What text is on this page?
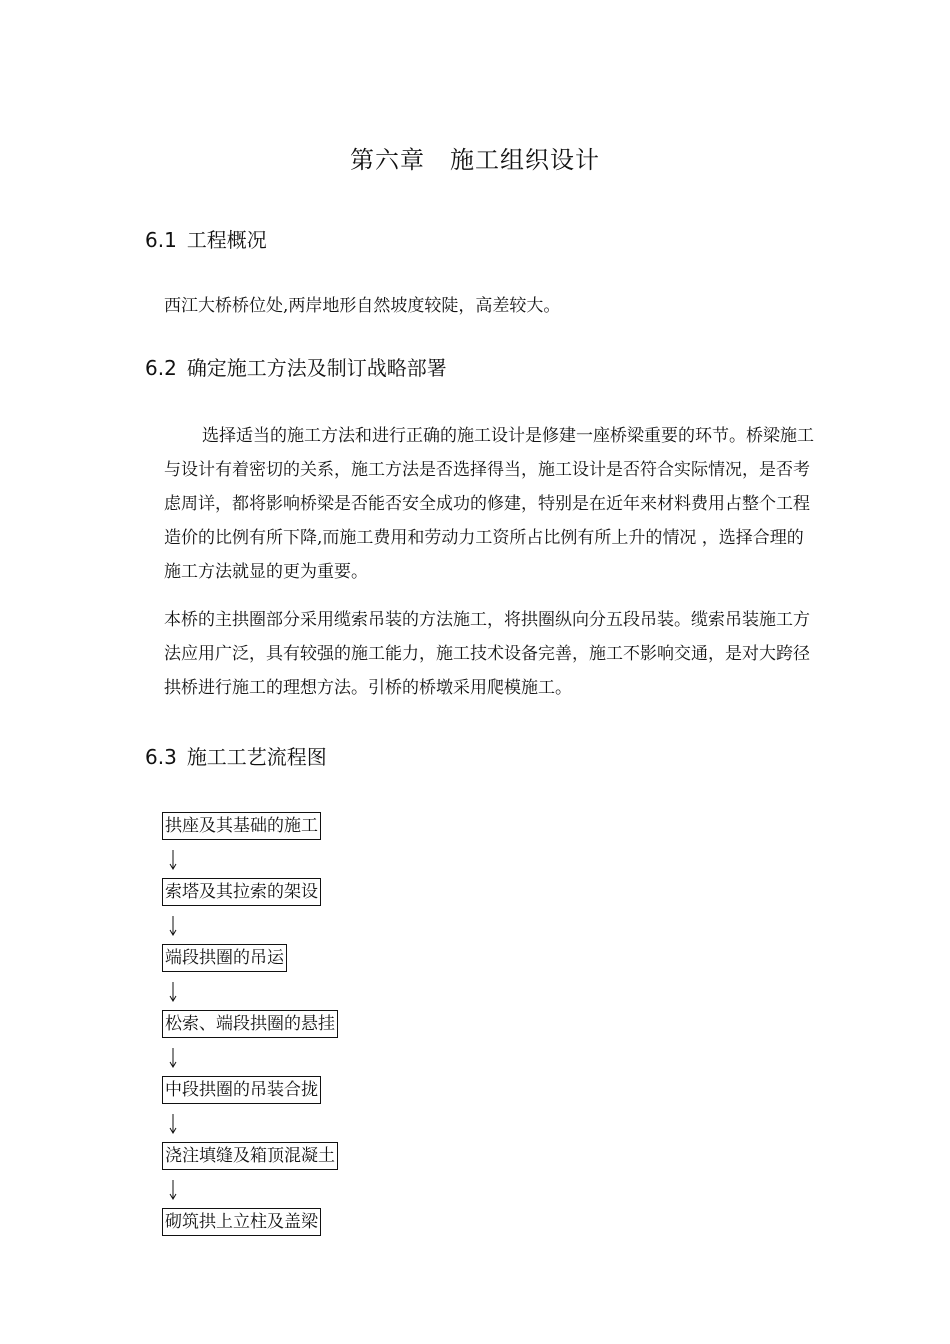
第六章　施工组织设计
6.1 工程概况

西江大桥桥位处,两岸地形自然坡度较陡，高差较大。

6.2 确定施工方法及制订战略部署

选择适当的施工方法和进行正确的施工设计是修建一座桥梁重要的环节。桥梁施工与设计有着密切的关系，施工方法是否选择得当，施工设计是否符合实际情况，是否考虑周详，都将影响桥梁是否能否安全成功的修建，特别是在近年来材料费用占整个工程造价的比例有所下降,而施工费用和劳动力工资所占比例有所上升的情况 ，选择合理的施工方法就显的更为重要。

本桥的主拱圈部分采用缆索吊装的方法施工，将拱圈纵向分五段吊装。缆索吊装施工方法应用广泛，具有较强的施工能力，施工技术设备完善，施工不影响交通，是对大跨径拱桥进行施工的理想方法。引桥的桥墩采用爬模施工。

6.3 施工工艺流程图
拱座及其基础的施工
索塔及其拉索的架设
端段拱圈的吊运
松索、端段拱圈的悬挂
中段拱圈的吊装合拢
浇注填缝及箱顶混凝土
砌筑拱上立柱及盖梁
